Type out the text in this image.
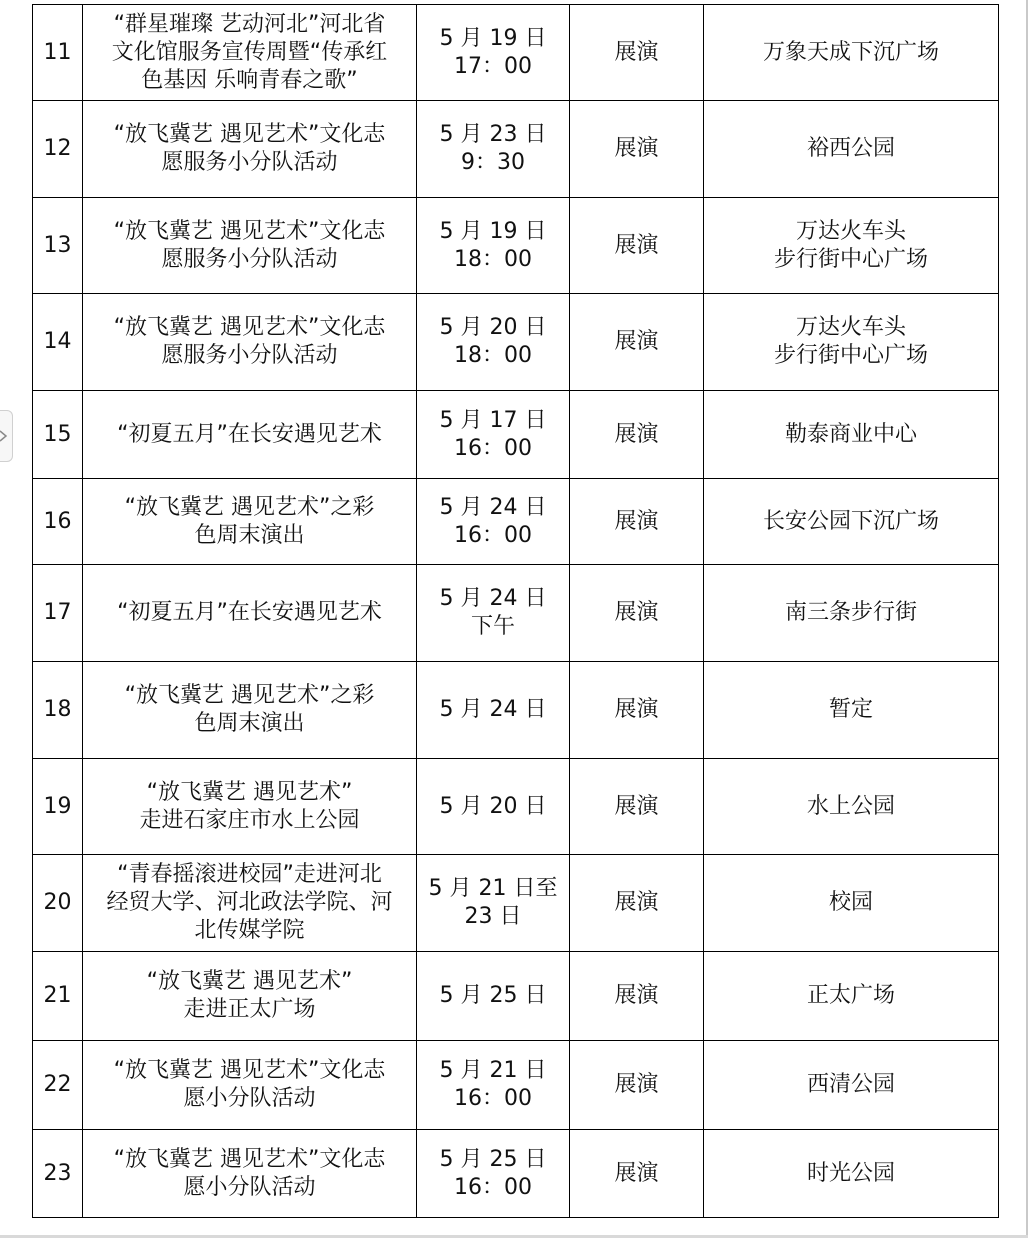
11	“群星璀璨 艺动河北”河北省
文化馆服务宣传周暨“传承红
色基因 乐响青春之歌”	5 月 19 日
17：00	展演	万象天成下沉广场

12	“放飞冀艺 遇见艺术”文化志
愿服务小分队活动	5 月 23 日
9：30	展演	裕西公园

13	“放飞冀艺 遇见艺术”文化志
愿服务小分队活动	5 月 19 日
18：00	展演	万达火车头
步行街中心广场

14	“放飞冀艺 遇见艺术”文化志
愿服务小分队活动	5 月 20 日
18：00	展演	万达火车头
步行街中心广场

15	“初夏五月”在长安遇见艺术	5 月 17 日
16：00	展演	勒泰商业中心

16	“放飞冀艺 遇见艺术”之彩
色周末演出	5 月 24 日
16：00	展演	长安公园下沉广场

17	“初夏五月”在长安遇见艺术	5 月 24 日
下午	展演	南三条步行街

18	“放飞冀艺 遇见艺术”之彩
色周末演出	5 月 24 日	展演	暂定

19	“放飞冀艺 遇见艺术”
走进石家庄市水上公园	5 月 20 日	展演	水上公园

20	“青春摇滚进校园”走进河北
经贸大学、河北政法学院、河
北传媒学院	5 月 21 日至
23 日	展演	校园

21	“放飞冀艺 遇见艺术”
走进正太广场	5 月 25 日	展演	正太广场

22	“放飞冀艺 遇见艺术”文化志
愿小分队活动	5 月 21 日
16：00	展演	西清公园

23	“放飞冀艺 遇见艺术”文化志
愿小分队活动	5 月 25 日
16：00	展演	时光公园
